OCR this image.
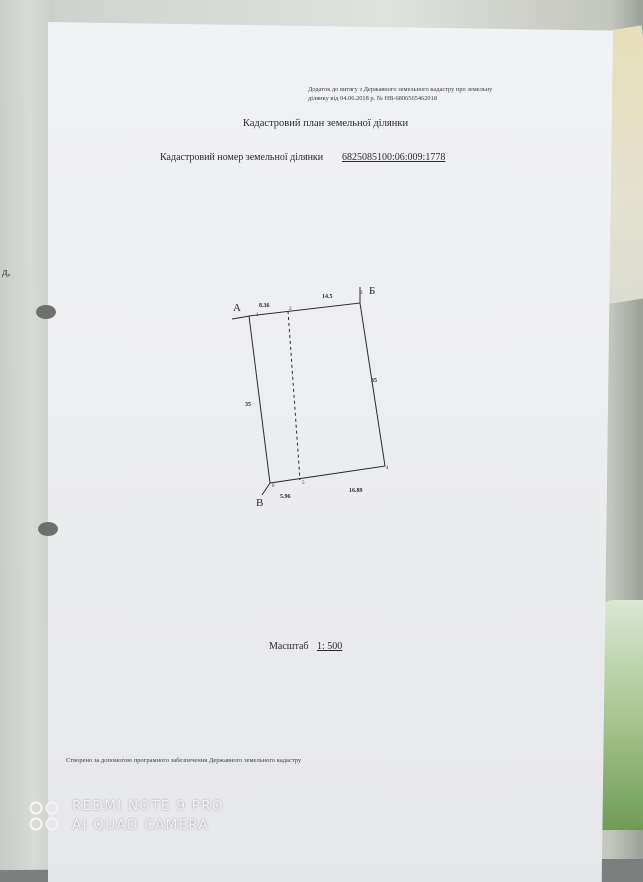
д,
Додаток до витягу з Державного земельного кадастру про земельну ділянку від 04.06.2018 р. № НВ-6806565462018
Кадастровий план земельної ділянки
Кадастровий номер земельної ділянки 6825085100:06:009:1778
А
Б
В
1
2
3
4
5
6
8.36
14.5
35
35
5.96
16.89
Масштаб 1: 500
Створено за допомогою програмного забезпечення Державного земельного кадастру
REDMI NOTE 9 PRO
AI QUAD CAMERA
